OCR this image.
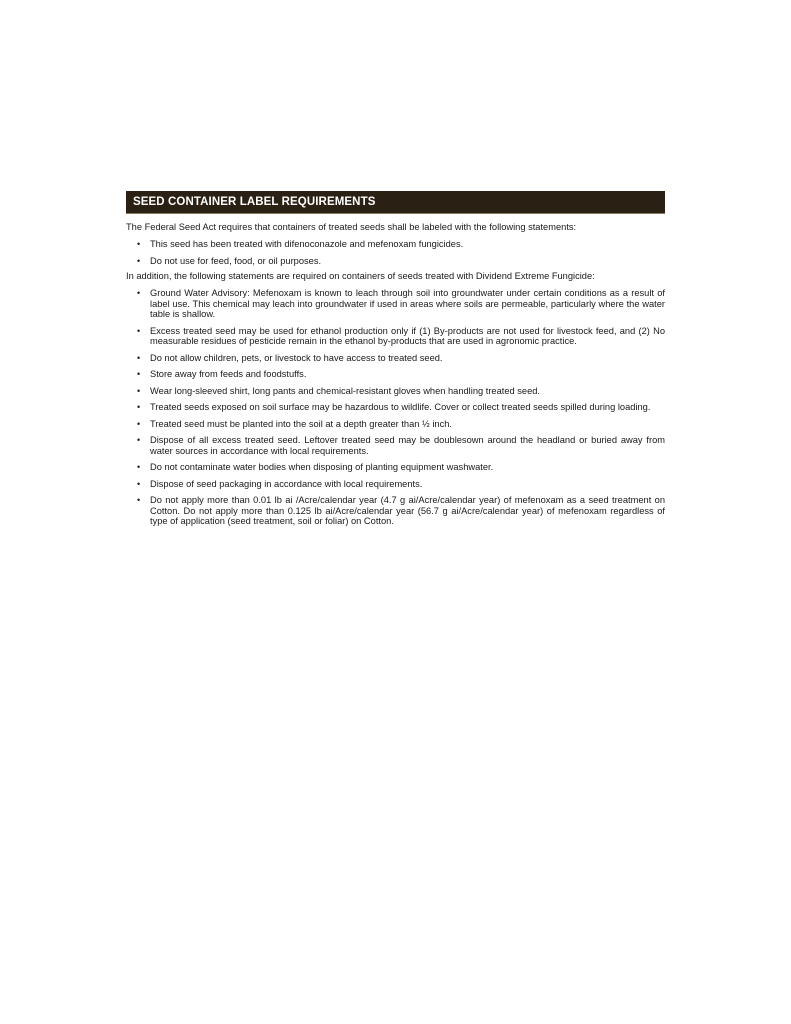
SEED CONTAINER LABEL REQUIREMENTS

The Federal Seed Act requires that containers of treated seeds shall be labeled with the following statements:

• This seed has been treated with difenoconazole and mefenoxam fungicides.
• Do not use for feed, food, or oil purposes.

In addition, the following statements are required on containers of seeds treated with Dividend Extreme Fungicide:

• Ground Water Advisory: Mefenoxam is known to leach through soil into groundwater under certain conditions as a result of label use. This chemical may leach into groundwater if used in areas where soils are permeable, particularly where the water table is shallow.
• Excess treated seed may be used for ethanol production only if (1) By-products are not used for livestock feed, and (2) No measurable residues of pesticide remain in the ethanol by-products that are used in agronomic practice.
• Do not allow children, pets, or livestock to have access to treated seed.
• Store away from feeds and foodstuffs.
• Wear long-sleeved shirt, long pants and chemical-resistant gloves when handling treated seed.
• Treated seeds exposed on soil surface may be hazardous to wildlife. Cover or collect treated seeds spilled during loading.
• Treated seed must be planted into the soil at a depth greater than ½ inch.
• Dispose of all excess treated seed. Leftover treated seed may be doublesown around the headland or buried away from water sources in accordance with local requirements.
• Do not contaminate water bodies when disposing of planting equipment washwater.
• Dispose of seed packaging in accordance with local requirements.
• Do not apply more than 0.01 lb ai /Acre/calendar year (4.7 g ai/Acre/calendar year) of mefenoxam as a seed treatment on Cotton. Do not apply more than 0.125 lb ai/Acre/calendar year (56.7 g ai/Acre/calendar year) of mefenoxam regardless of type of application (seed treatment, soil or foliar) on Cotton.
